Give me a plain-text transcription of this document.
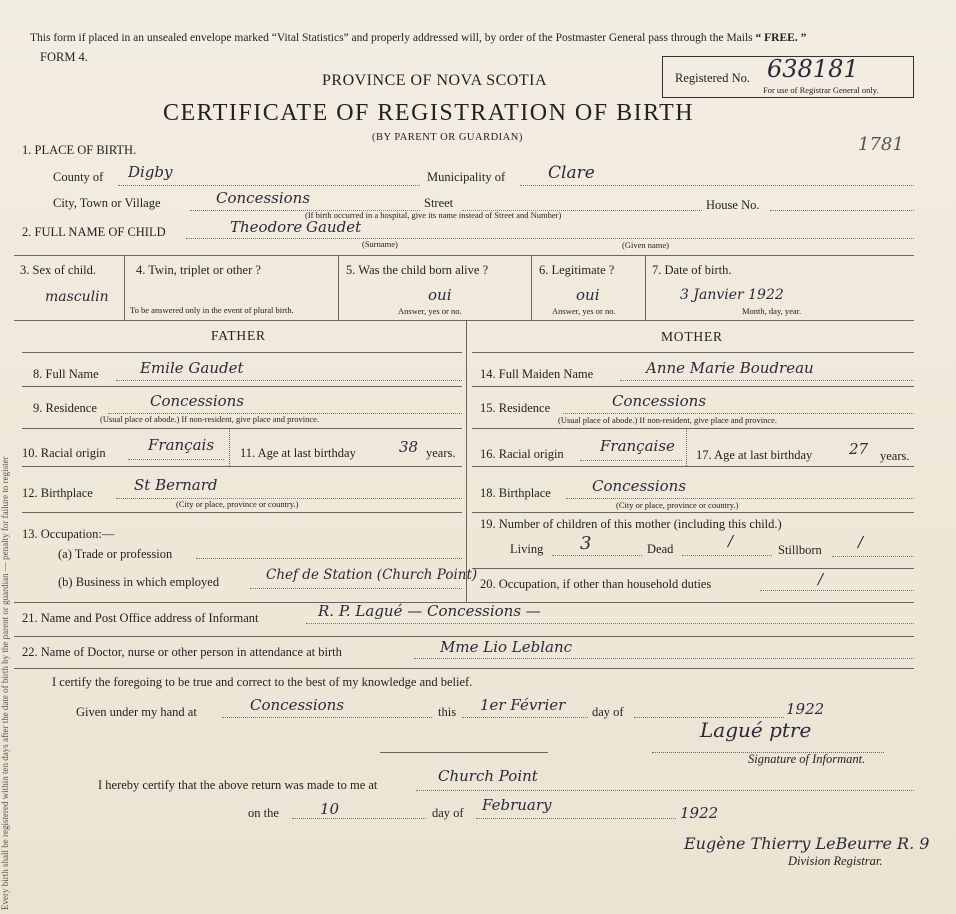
Every birth shall be registered within ten days after the date of birth by the parent or guardian — penalty for failure to register
This form if placed in an unsealed envelope marked “Vital Statistics” and properly addressed will, by order of the Postmaster General pass through the Mails “ FREE. ”
FORM 4.
PROVINCE OF NOVA SCOTIA
CERTIFICATE OF REGISTRATION OF BIRTH
(BY PARENT OR GUARDIAN)
Registered No. 638181
For use of Registrar General only.
1781
1. PLACE OF BIRTH.
County of Digby	Municipality of	Clare
City, Town or Village	Concessions	Street	House No.
(If birth occurred in a hospital, give its name instead of Street and Number)
2. FULL NAME OF CHILD	Theodore Gaudet
(Surname)	(Given name)
3. Sex of child.
masculin
4. Twin, triplet or other ?
To be answered only in the event of plural birth.
5. Was the child born alive ?
oui
Answer, yes or no.
6. Legitimate ?
oui
Answer, yes or no.
7. Date of birth.
3 Janvier 1922
Month, day, year.
FATHER	MOTHER
8. Full Name	Emile Gaudet	14. Full Maiden Name	Anne Marie Boudreau
9. Residence	Concessions
(Usual place of abode.) If non-resident, give place and province.
15. Residence	Concessions
(Usual place of abode.) If non-resident, give place and province.
10. Racial origin	Français 11. Age at last birthday	38 years. 16. Racial origin Française 17. Age at last birthday 27 years.
12. Birthplace	St Bernard
(City or place, province or country.)
18. Birthplace	Concessions
(City or place, province or country.)
13. Occupation:—
(a) Trade or profession
(b) Business in which employed	Chef de Station (Church Point)
19. Number of children of this mother (including this child.)
Living 3	Dead	/	Stillborn /
20. Occupation, if other than household duties	/
21. Name and Post Office address of Informant	R. P. Lagué — Concessions —
22. Name of Doctor, nurse or other person in attendance at birth	Mme Lio Leblanc
I certify the foregoing to be true and correct to the best of my knowledge and belief.
Given under my hand at	Concessions	this 1er Février day of	1922
Lagué ptre
Signature of Informant.
I hereby certify that the above return was made to me at	Church Point
on the	10	day of February	1922
Eugène Thierry LeBeurre R. 9
Division Registrar.
